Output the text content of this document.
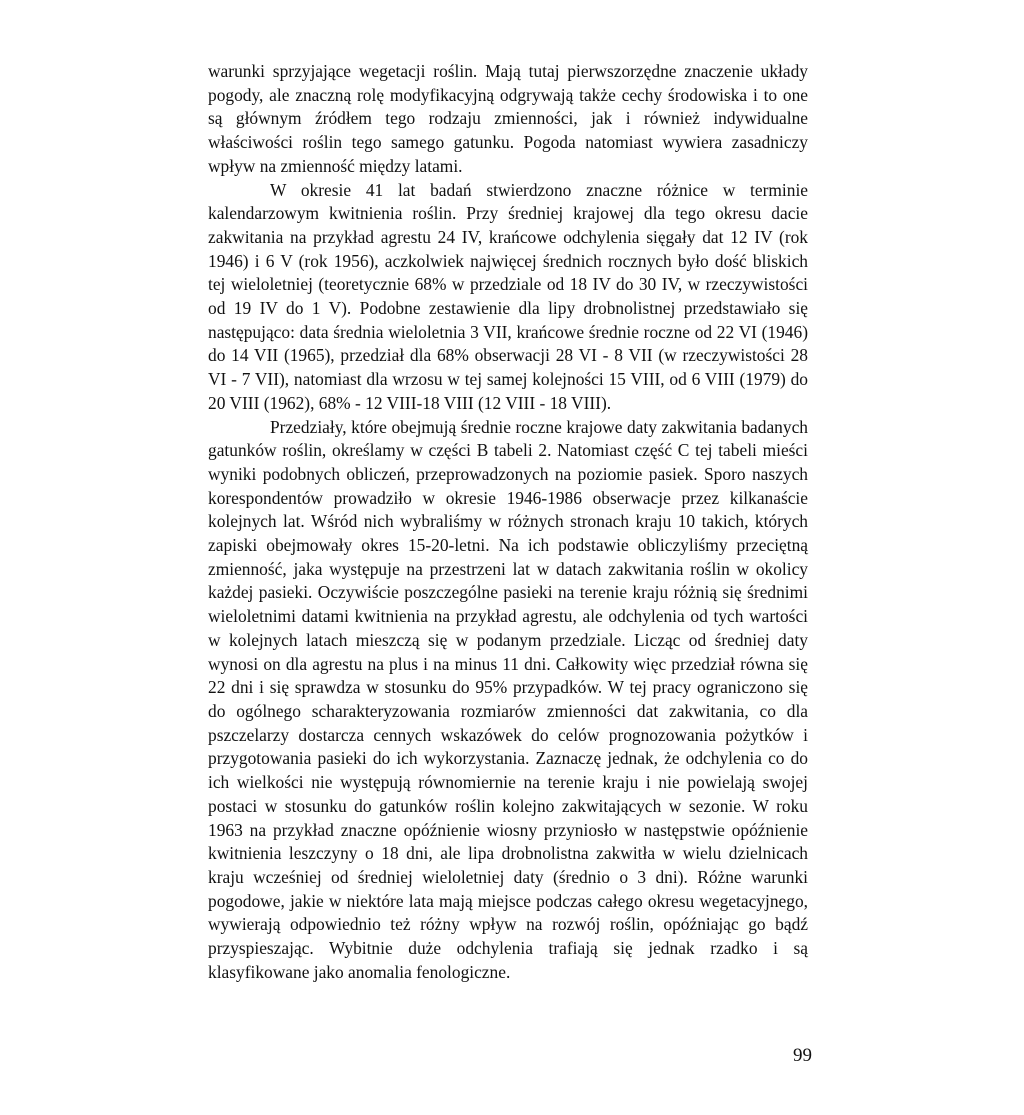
warunki sprzyjające wegetacji roślin. Mają tutaj pierwszorzędne znaczenie układy pogody, ale znaczną rolę modyfikacyjną odgrywają także cechy środowiska i to one są głównym źródłem tego rodzaju zmienności, jak i również indywidualne właściwości roślin tego samego gatunku. Pogoda natomiast wywiera zasadniczy wpływ na zmienność między latami.

W okresie 41 lat badań stwierdzono znaczne różnice w terminie kalendarzowym kwitnienia roślin. Przy średniej krajowej dla tego okresu dacie zakwitania na przykład agrestu 24 IV, krańcowe odchylenia sięgały dat 12 IV (rok 1946) i 6 V (rok 1956), aczkolwiek najwięcej średnich rocznych było dość bliskich tej wieloletniej (teoretycznie 68% w przedziale od 18 IV do 30 IV, w rzeczywistości od 19 IV do 1 V). Podobne zestawienie dla lipy drobnolistnej przedstawiało się następująco: data średnia wieloletnia 3 VII, krańcowe średnie roczne od 22 VI (1946) do 14 VII (1965), przedział dla 68% obserwacji 28 VI - 8 VII (w rzeczywistości 28 VI - 7 VII), natomiast dla wrzosu w tej samej kolejności 15 VIII, od 6 VIII (1979) do 20 VIII (1962), 68% - 12 VIII-18 VIII (12 VIII - 18 VIII).

Przedziały, które obejmują średnie roczne krajowe daty zakwitania badanych gatunków roślin, określamy w części B tabeli 2. Natomiast część C tej tabeli mieści wyniki podobnych obliczeń, przeprowadzonych na poziomie pasiek. Sporo naszych korespondentów prowadziło w okresie 1946-1986 obserwacje przez kilkanaście kolejnych lat. Wśród nich wybraliśmy w różnych stronach kraju 10 takich, których zapiski obejmowały okres 15-20-letni. Na ich podstawie obliczyliśmy przeciętną zmienność, jaka występuje na przestrzeni lat w datach zakwitania roślin w okolicy każdej pasieki. Oczywiście poszczególne pasieki na terenie kraju różnią się średnimi wieloletnimi datami kwitnienia na przykład agrestu, ale odchylenia od tych wartości w kolejnych latach mieszczą się w podanym przedziale. Licząc od średniej daty wynosi on dla agrestu na plus i na minus 11 dni. Całkowity więc przedział równa się 22 dni i się sprawdza w stosunku do 95% przypadków. W tej pracy ograniczono się do ogólnego scharakteryzowania rozmiarów zmienności dat zakwitania, co dla pszczelarzy dostarcza cennych wskazówek do celów prognozowania pożytków i przygotowania pasieki do ich wykorzystania. Zaznaczę jednak, że odchylenia co do ich wielkości nie występują równomiernie na terenie kraju i nie powielają swojej postaci w stosunku do gatunków roślin kolejno zakwitających w sezonie. W roku 1963 na przykład znaczne opóźnienie wiosny przyniosło w następstwie opóźnienie kwitnienia leszczyny o 18 dni, ale lipa drobnolistna zakwitła w wielu dzielnicach kraju wcześniej od średniej wieloletniej daty (średnio o 3 dni). Różne warunki pogodowe, jakie w niektóre lata mają miejsce podczas całego okresu wegetacyjnego, wywierają odpowiednio też różny wpływ na rozwój roślin, opóźniając go bądź przyspieszając. Wybitnie duże odchylenia trafiają się jednak rzadko i są klasyfikowane jako anomalia fenologiczne.

99
